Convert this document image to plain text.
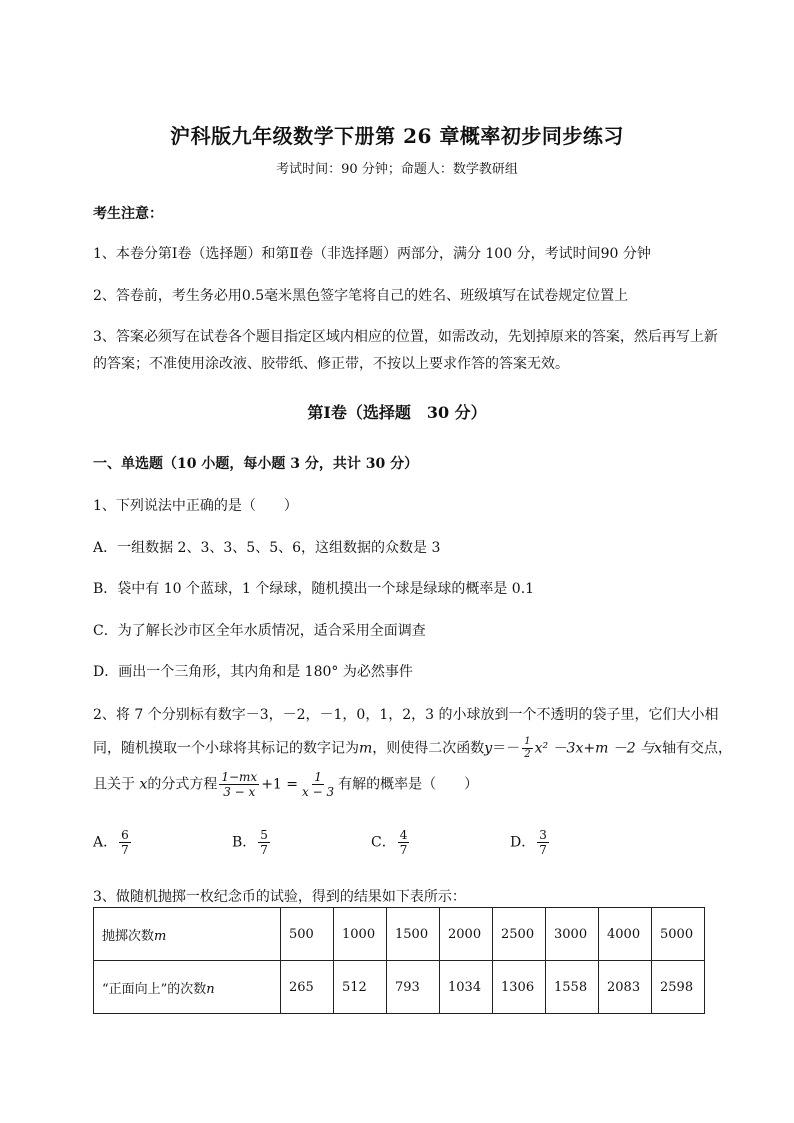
沪科版九年级数学下册第 26 章概率初步同步练习
考试时间：90 分钟；命题人：数学教研组
考生注意：
1、本卷分第Ⅰ卷（选择题）和第Ⅱ卷（非选择题）两部分，满分 100 分，考试时间90 分钟
2、答卷前，考生务必用0.5毫米黑色签字笔将自己的姓名、班级填写在试卷规定位置上
3、答案必须写在试卷各个题目指定区域内相应的位置，如需改动，先划掉原来的答案，然后再写上新
的答案；不准使用涂改液、胶带纸、修正带，不按以上要求作答的答案无效。
第Ⅰ卷（选择题　30 分）
一、单选题（10 小题，每小题 3 分，共计 30 分）
1、下列说法中正确的是（　　）
A．一组数据 2、3、3、5、5、6，这组数据的众数是 3
B．袋中有 10 个蓝球，1 个绿球，随机摸出一个球是绿球的概率是 0.1
C．为了解长沙市区全年水质情况，适合采用全面调查
D．画出一个三角形，其内角和是 180° 为必然事件
2、将 7 个分别标有数字－3，－2，－1，0，1，2，3 的小球放到一个不透明的袋子里，它们大小相
同，随机摸取一个小球将其标记的数字记为m，则使得二次函数$y=- \frac{1}{2} x^2 -3x+m -2$ 与x轴有交点，
且关于 x的分式方程 $\frac{1-mx}{3 - x} +1 = \frac{1}{x - 3}$ 有解的概率是（　　）
A． $\frac{6}{7}$	B． $\frac{5}{7}$	C． $\frac{4}{7}$	D． $\frac{3}{7}$
3、做随机抛掷一枚纪念币的试验，得到的结果如下表所示：
抛掷次数m	500	1000	1500	2000	2500	3000	4000	5000
“正面向上”的次数n	265	512	793	1034	1306	1558	2083	2598
